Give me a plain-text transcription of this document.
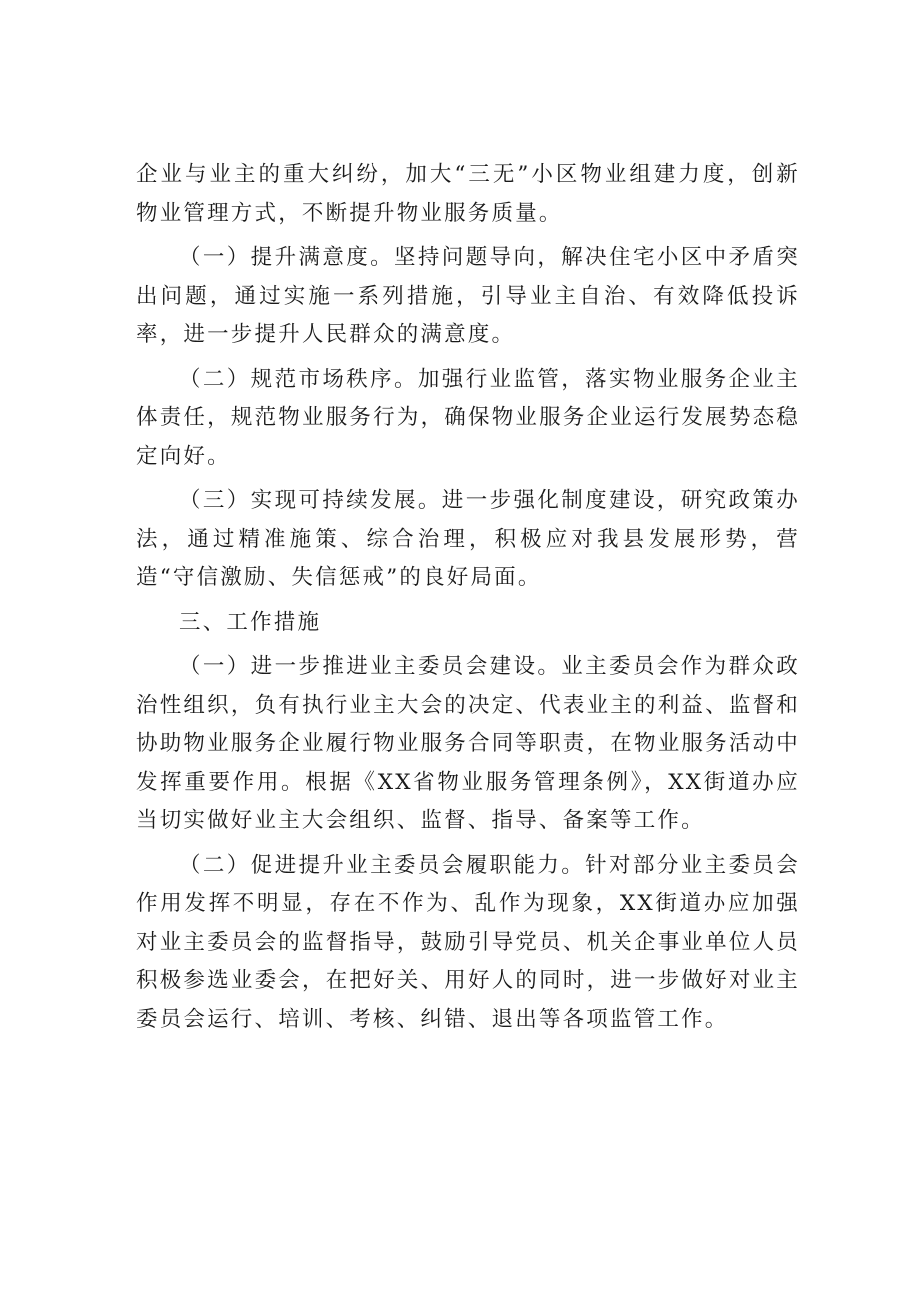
企业与业主的重大纠纷，加大“三无”小区物业组建力度，创新物业管理方式，不断提升物业服务质量。

（一）提升满意度。坚持问题导向，解决住宅小区中矛盾突出问题，通过实施一系列措施，引导业主自治、有效降低投诉率，进一步提升人民群众的满意度。

（二）规范市场秩序。加强行业监管，落实物业服务企业主体责任，规范物业服务行为，确保物业服务企业运行发展势态稳定向好。

（三）实现可持续发展。进一步强化制度建设，研究政策办法，通过精准施策、综合治理，积极应对我县发展形势，营造“守信激励、失信惩戒”的良好局面。

三、工作措施

（一）进一步推进业主委员会建设。业主委员会作为群众政治性组织，负有执行业主大会的决定、代表业主的利益、监督和协助物业服务企业履行物业服务合同等职责，在物业服务活动中发挥重要作用。根据《XX省物业服务管理条例》，XX街道办应当切实做好业主大会组织、监督、指导、备案等工作。

（二）促进提升业主委员会履职能力。针对部分业主委员会作用发挥不明显，存在不作为、乱作为现象，XX街道办应加强对业主委员会的监督指导，鼓励引导党员、机关企事业单位人员积极参选业委会，在把好关、用好人的同时，进一步做好对业主委员会运行、培训、考核、纠错、退出等各项监管工作。
